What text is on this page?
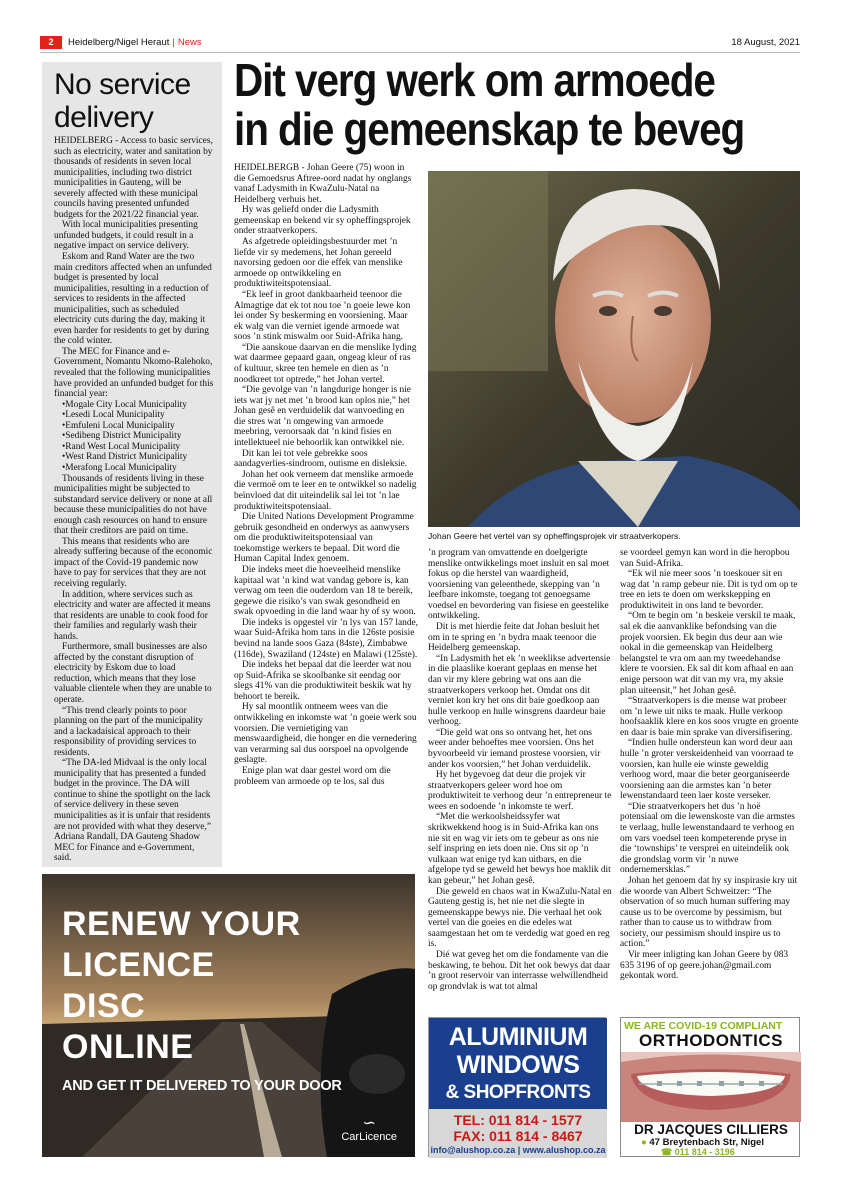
2	Heidelberg/Nigel Heraut | News	18 August, 2021
No service delivery

HEIDELBERG - Access to basic services, such as electricity, water and sanitation by thousands of residents in seven local municipalities, including two district municipalities in Gauteng, will be severely affected with these municipal councils having presented unfunded budgets for the 2021/22 financial year.

With local municipalities presenting unfunded budgets, it could result in a negative impact on service delivery.

Eskom and Rand Water are the two main creditors affected when an unfunded budget is presented by local municipalities, resulting in a reduction of services to residents in the affected municipalities, such as scheduled electricity cuts during the day, making it even harder for residents to get by during the cold winter.

The MEC for Finance and e-Government, Nomantu Nkomo-Ralehoko, revealed that the following municipalities have provided an unfunded budget for this financial year:

• Mogale City Local Municipality
• Lesedi Local Municipality
• Emfuleni Local Municipality
• Sedibeng District Municipality
• Rand West Local Municipality
• West Rand District Municipality
• Merafong Local Municipality

Thousands of residents living in these municipalities might be subjected to substandard service delivery or none at all because these municipalities do not have enough cash resources on hand to ensure that their creditors are paid on time.

This means that residents who are already suffering because of the economic impact of the Covid-19 pandemic now have to pay for services that they are not receiving regularly.

In addition, where services such as electricity and water are affected it means that residents are unable to cook food for their families and regularly wash their hands.

Furthermore, small businesses are also affected by the constant disruption of electricity by Eskom due to load reduction, which means that they lose valuable clientele when they are unable to operate.

“This trend clearly points to poor planning on the part of the municipality and a lackadaisical approach to their responsibility of providing services to residents.

“The DA-led Midvaal is the only local municipality that has presented a funded budget in the province. The DA will continue to shine the spotlight on the lack of service delivery in these seven municipalities as it is unfair that residents are not provided with what they deserve,” Adriana Randall, DA Gauteng Shadow MEC for Finance and e-Government, said.

Dit verg werk om armoede
in die gemeenskap te beveg

HEIDELBERGB - Johan Geere (75) woon in die Gemoedsrus Aftree-oord nadat hy onglangs vanaf Ladysmith in KwaZulu-Natal na Heidelberg verhuis het.

Hy was geliefd onder die Ladysmith gemeenskap en bekend vir sy opheffingsprojek onder straatverkopers.

As afgetrede opleidingsbestuurder met ’n liefde vir sy medemens, het Johan gereeld navorsing gedoen oor die effek van menslike armoede op ontwikkeling en produktiwiteitspotensiaal.

“Ek leef in groot dankbaarheid teenoor die Almagtige dat ek tot nou toe ’n goeie lewe kon lei onder Sy beskerming en voorsiening. Maar ek walg van die verniet igende armoede wat soos ’n stink miswalm oor Suid-Afrika hang.

“Die aanskoue daarvan en die menslike lyding wat daarmee gepaard gaan, ongeag kleur of ras of kultuur, skree ten hemele en dien as ’n noodkreet tot optrede,” het Johan vertel.

“Die gevolge van ’n langdurige honger is nie iets wat jy net met ’n brood kan oplos nie,” het Johan gesê en verduidelik dat wanvoeding en die stres wat ’n omgewing van armoede meebring, veroorsaak dat ’n kind fisies en intellektueel nie behoorlik kan ontwikkel nie.

Dit kan lei tot vele gebrekke soos aandagverlies-sindroom, outisme en disleksie.

Johan het ook verneem dat menslike armoede die vermoë om te leer en te ontwikkel so nadelig beïnvloed dat dit uiteindelik sal lei tot ’n lae produktiwiteitspotensiaal.

Die United Nations Development Programme gebruik gesondheid en onderwys as aanwysers om die produktiwiteitspotensiaal van toekomstige werkers te bepaal. Dit word die Human Capital Index genoem.

Die indeks meet die hoeveelheid menslike kapitaal wat ’n kind wat vandag gebore is, kan verwag om teen die ouderdom van 18 te bereik, gegewe die risiko’s van swak gesondheid en swak opvoeding in die land waar hy of sy woon.

Die indeks is opgestel vir ’n lys van 157 lande, waar Suid-Afrika hom tans in die 126ste posisie bevind na lande soos Gaza (84ste), Zimbabwe (116de), Swaziland (124ste) en Malawi (125ste).

Die indeks het bepaal dat die leerder wat nou op Suid-Afrika se skoolbanke sit eendag oor slegs 41% van die produktiwiteit beskik wat hy behoort te bereik.

Hy sal moontlik ontneem wees van die ontwikkeling en inkomste wat ’n goeie werk sou voorsien. Die vernietiging van menswaardigheid, die honger en die vernedering van verarming sal dus oorspoel na opvolgende geslagte.

Enige plan wat daar gestel word om die probleem van armoede op te los, sal dus

Johan Geere het vertel van sy opheffingsprojek vir straatverkopers.

’n program van omvattende en doelgerigte menslike ontwikkelings moet insluit en sal moet fokus op die herstel van waardigheid, voorsiening van geleenthede, skepping van ’n leefbare inkomste, toegang tot genoegsame voedsel en bevordering van fisiese en geestelike ontwikkeling.

Dit is met hierdie feite dat Johan besluit het om in te spring en ’n bydra maak teenoor die Heidelberg gemeenskap.

“In Ladysmith het ek ’n weeklikse advertensie in die plaaslike koerant geplaas en mense het dan vir my klere gebring wat ons aan die straatverkopers verkoop het. Omdat ons dit verniet kon kry het ons dit baie goedkoop aan hulle verkoop en hulle winsgrens daardeur baie verhoog.

“Die geld wat ons so ontvang het, het ons weer ander behoeftes mee voorsien. Ons het byvoorbeeld vir iemand prostese voorsien, vir ander kos voorsien,” het Johan verduidelik.

Hy het bygevoeg dat deur die projek vir straatverkopers geleer word hoe om produktiwiteit te verhoog deur ’n entrepreneur te wees en sodoende ’n inkomste te werf.

“Met die werkoolsheidssyfer wat skrikwekkend hoog is in Suid-Afrika kan ons nie sit en wag vir iets om te gebeur as ons nie self inspring en iets doen nie. Ons sit op ’n vulkaan wat enige tyd kan uitbars, en die afgelope tyd se geweld het bewys hoe maklik dit kan gebeur,” het Johan gesê.

Die geweld en chaos wat in KwaZulu-Natal en Gauteng gestig is, het nie net die slegte in gemeenskappe bewys nie. Die verhaal het ook vertel van die goeies en die edeles wat saamgestaan het om te verdedig wat goed en reg is.

Dié wat geveg het om die fondamente van die beskawing, te behou. Dit het ook bewys dat daar ’n groot reservoir van interrasse welwillendheid op grondvlak is wat tot almal

se voordeel gemyn kan word in die heropbou van Suid-Afrika.

“Ek wil nie meer soos ’n toeskouer sit en wag dat ’n ramp gebeur nie. Dit is tyd om op te tree en iets te doen om werkskepping en produktiwiteit in ons land te bevorder.

“Om te begin om ’n beskeie verskil te maak, sal ek die aanvanklike befondsing van die projek voorsien. Ek begin dus deur aan wie ookal in die gemeenskap van Heidelberg belangstel te vra om aan my tweedehandse klere te voorsien. Ek sal dit kom afhaal en aan enige persoon wat dit van my vra, my aksie plan uiteensit,” het Johan gesê.

“Straatverkopers is die mense wat probeer om ’n lewe uit niks te maak. Hulle verkoop hoofsaaklik klere en kos soos vrugte en groente en daar is baie min sprake van diversifisering.

“Indien hulle ondersteun kan word deur aan hulle ’n groter verskeidenheid van voorraad te voorsien, kan hulle eie winste geweldig verhoog word, maar die beter georganiseerde voorsiening aan die armstes kan ’n beter lewenstandaard teen laer koste verseker.

“Die straatverkopers het dus ’n hoë potensiaal om die lewenskoste van die armstes te verlaag, hulle lewenstandaard te verhoog en om vars voedsel teen kompeterende pryse in die ‘townships’ te verspreì en uiteindelik ook die grondslag vorm vir ’n nuwe ondernemersklas.”

Johan het genoem dat hy sy inspirasie kry uit die woorde van Albert Schweitzer: “The observation of so much human suffering may cause us to be overcome by pessimism, but rather than to cause us to withdraw from society, our pessimism should inspire us to action.”

Vir meer inligting kan Johan Geere by 083 635 3196 of op geere.johan@gmail.com gekontak word.

RENEW YOUR
LICENCE
DISC
ONLINE
AND GET IT DELIVERED TO YOUR DOOR
∽
CarLicence
ALUMINIUM
WINDOWS
& SHOPFRONTS
TEL: 011 814 - 1577
FAX: 011 814 - 8467
info@alushop.co.za | www.alushop.co.za
WE ARE COVID-19 COMPLIANT
ORTHODONTICS
DR JACQUES CILLIERS
● 47 Breytenbach Str, Nigel
☎ 011 814 - 3196
